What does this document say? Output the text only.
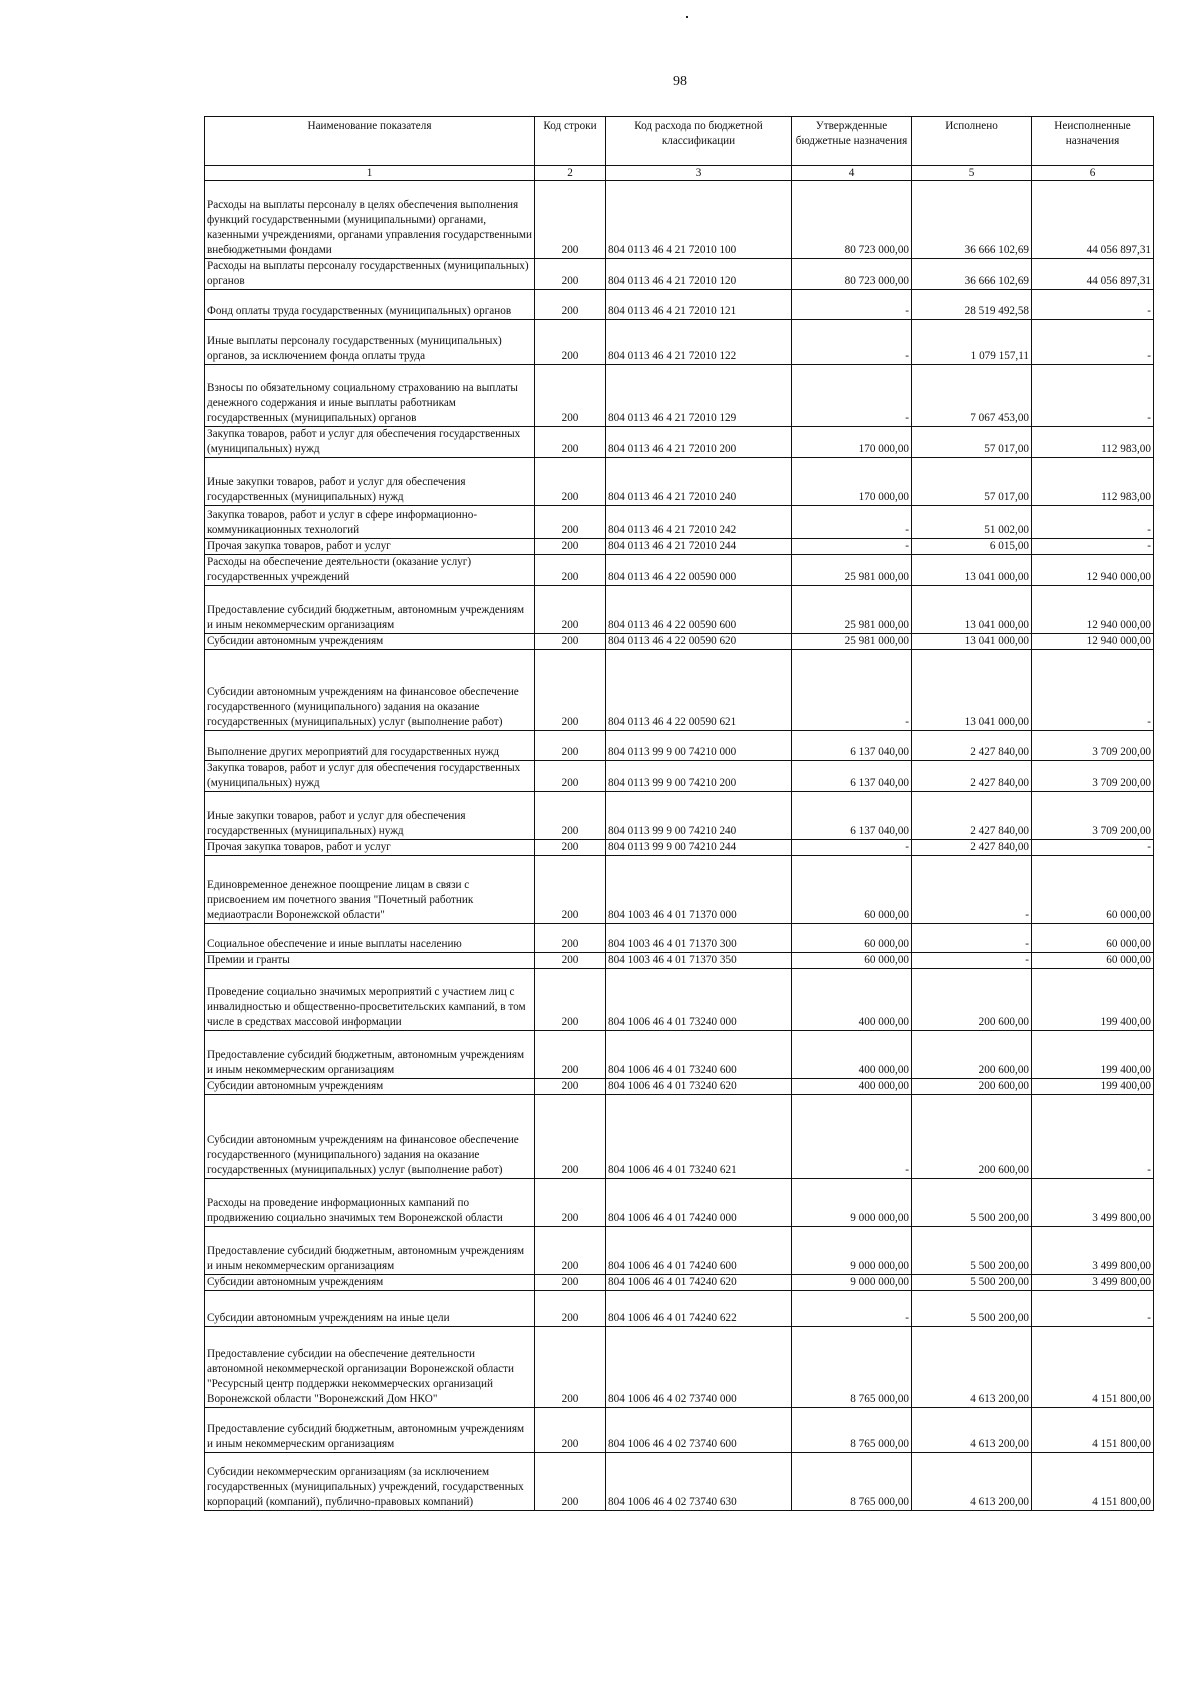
98
Наименование показателя	Код строки	Код расхода по бюджетной классификации	Утвержденные бюджетные назначения	Исполнено	Неисполненные назначения
1	2	3	4	5	6
Расходы на выплаты персоналу в целях обеспечения выполнения функций государственными (муниципальными) органами, казенными учреждениями, органами управления государственными внебюджетными фондами	200	804 0113 46 4 21 72010 100	80 723 000,00	36 666 102,69	44 056 897,31
Расходы на выплаты персоналу государственных (муниципальных) органов	200	804 0113 46 4 21 72010 120	80 723 000,00	36 666 102,69	44 056 897,31
Фонд оплаты труда государственных (муниципальных) органов	200	804 0113 46 4 21 72010 121	-	28 519 492,58	-
Иные выплаты персоналу государственных (муниципальных) органов, за исключением фонда оплаты труда	200	804 0113 46 4 21 72010 122	-	1 079 157,11	-
Взносы по обязательному социальному страхованию на выплаты денежного содержания и иные выплаты работникам государственных (муниципальных) органов	200	804 0113 46 4 21 72010 129	-	7 067 453,00	-
Закупка товаров, работ и услуг для обеспечения государственных (муниципальных) нужд	200	804 0113 46 4 21 72010 200	170 000,00	57 017,00	112 983,00
Иные закупки товаров, работ и услуг для обеспечения государственных (муниципальных) нужд	200	804 0113 46 4 21 72010 240	170 000,00	57 017,00	112 983,00
Закупка товаров, работ и услуг в сфере информационно-коммуникационных технологий	200	804 0113 46 4 21 72010 242	-	51 002,00	-
Прочая закупка товаров, работ и услуг	200	804 0113 46 4 21 72010 244	-	6 015,00	-
Расходы на обеспечение деятельности (оказание услуг) государственных учреждений	200	804 0113 46 4 22 00590 000	25 981 000,00	13 041 000,00	12 940 000,00
Предоставление субсидий бюджетным, автономным учреждениям и иным некоммерческим организациям	200	804 0113 46 4 22 00590 600	25 981 000,00	13 041 000,00	12 940 000,00
Субсидии автономным учреждениям	200	804 0113 46 4 22 00590 620	25 981 000,00	13 041 000,00	12 940 000,00
Субсидии автономным учреждениям на финансовое обеспечение государственного (муниципального) задания на оказание государственных (муниципальных) услуг (выполнение работ)	200	804 0113 46 4 22 00590 621	-	13 041 000,00	-
Выполнение других мероприятий для государственных нужд	200	804 0113 99 9 00 74210 000	6 137 040,00	2 427 840,00	3 709 200,00
Закупка товаров, работ и услуг для обеспечения государственных (муниципальных) нужд	200	804 0113 99 9 00 74210 200	6 137 040,00	2 427 840,00	3 709 200,00
Иные закупки товаров, работ и услуг для обеспечения государственных (муниципальных) нужд	200	804 0113 99 9 00 74210 240	6 137 040,00	2 427 840,00	3 709 200,00
Прочая закупка товаров, работ и услуг	200	804 0113 99 9 00 74210 244	-	2 427 840,00	-
Единовременное денежное поощрение лицам в связи с присвоением им почетного звания "Почетный работник медиаотрасли Воронежской области"	200	804 1003 46 4 01 71370 000	60 000,00	-	60 000,00
Социальное обеспечение и иные выплаты населению	200	804 1003 46 4 01 71370 300	60 000,00	-	60 000,00
Премии и гранты	200	804 1003 46 4 01 71370 350	60 000,00	-	60 000,00
Проведение социально значимых мероприятий с участием лиц с инвалидностью и общественно-просветительских кампаний, в том числе в средствах массовой информации	200	804 1006 46 4 01 73240 000	400 000,00	200 600,00	199 400,00
Предоставление субсидий бюджетным, автономным учреждениям и иным некоммерческим организациям	200	804 1006 46 4 01 73240 600	400 000,00	200 600,00	199 400,00
Субсидии автономным учреждениям	200	804 1006 46 4 01 73240 620	400 000,00	200 600,00	199 400,00
Субсидии автономным учреждениям на финансовое обеспечение государственного (муниципального) задания на оказание государственных (муниципальных) услуг (выполнение работ)	200	804 1006 46 4 01 73240 621	-	200 600,00	-
Расходы на проведение информационных кампаний по продвижению социально значимых тем Воронежской области	200	804 1006 46 4 01 74240 000	9 000 000,00	5 500 200,00	3 499 800,00
Предоставление субсидий бюджетным, автономным учреждениям и иным некоммерческим организациям	200	804 1006 46 4 01 74240 600	9 000 000,00	5 500 200,00	3 499 800,00
Субсидии автономным учреждениям	200	804 1006 46 4 01 74240 620	9 000 000,00	5 500 200,00	3 499 800,00
Субсидии автономным учреждениям на иные цели	200	804 1006 46 4 01 74240 622	-	5 500 200,00	-
Предоставление субсидии на обеспечение деятельности автономной некоммерческой организации Воронежской области "Ресурсный центр поддержки некоммерческих организаций Воронежской области "Воронежский Дом НКО"	200	804 1006 46 4 02 73740 000	8 765 000,00	4 613 200,00	4 151 800,00
Предоставление субсидий бюджетным, автономным учреждениям и иным некоммерческим организациям	200	804 1006 46 4 02 73740 600	8 765 000,00	4 613 200,00	4 151 800,00
Субсидии некоммерческим организациям (за исключением государственных (муниципальных) учреждений, государственных корпораций (компаний), публично-правовых компаний)	200	804 1006 46 4 02 73740 630	8 765 000,00	4 613 200,00	4 151 800,00
